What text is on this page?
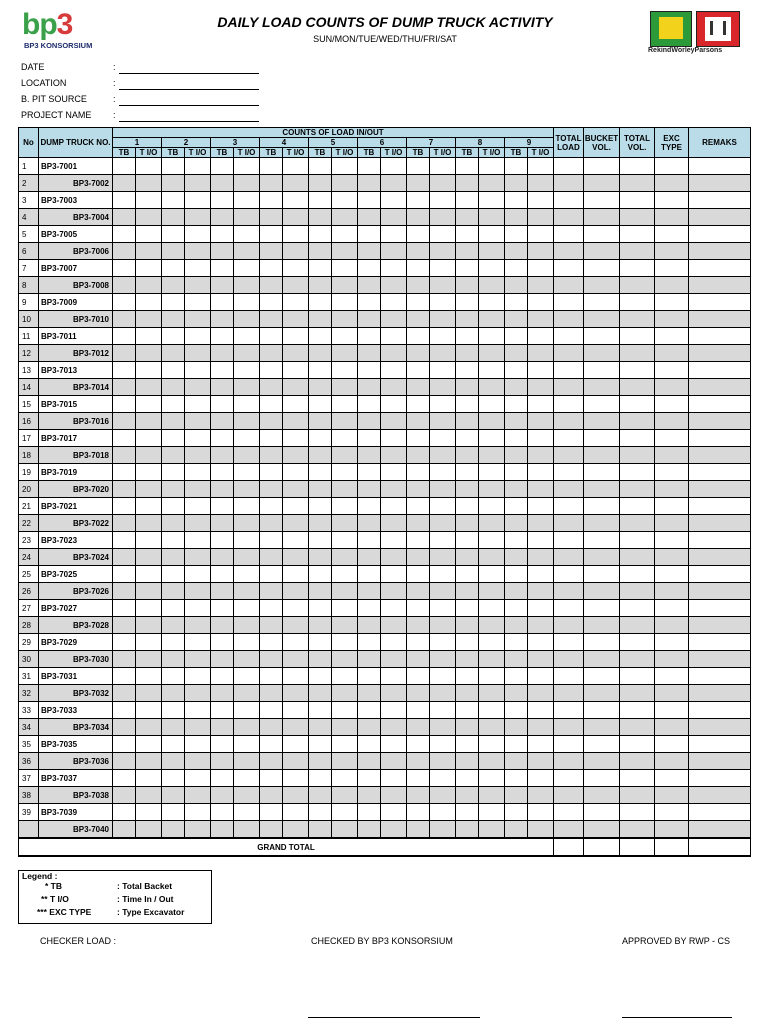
bp3
BP3 KONSORSIUM
DAILY LOAD COUNTS OF DUMP TRUCK ACTIVITY
SUN/MON/TUE/WED/THU/FRI/SAT
RekindWorleyParsons
DATE	:
LOCATION	:
B. PIT SOURCE	:
PROJECT NAME :
No	DUMP TRUCK NO.	COUNTS OF LOAD IN/OUT																		TOTAL LOAD	BUCKET VOL.	TOTAL VOL.	EXC TYPE	REMAKS
		1		2		3		4		5		6		7		8		9						
		TB	T I/O	TB	T I/O	TB	T I/O	TB	T I/O	TB	T I/O	TB	T I/O	TB	T I/O	TB	T I/O	TB	T I/O					
1	BP3-7001																							
2	BP3-7002																							
3	BP3-7003																							
4	BP3-7004																							
5	BP3-7005																							
6	BP3-7006																							
7	BP3-7007																							
8	BP3-7008																							
9	BP3-7009																							
10	BP3-7010																							
11	BP3-7011																							
12	BP3-7012																							
13	BP3-7013																							
14	BP3-7014																							
15	BP3-7015																							
16	BP3-7016																							
17	BP3-7017																							
18	BP3-7018																							
19	BP3-7019																							
20	BP3-7020																							
21	BP3-7021																							
22	BP3-7022																							
23	BP3-7023																							
24	BP3-7024																							
25	BP3-7025																							
26	BP3-7026																							
27	BP3-7027																							
28	BP3-7028																							
29	BP3-7029																							
30	BP3-7030																							
31	BP3-7031																							
32	BP3-7032																							
33	BP3-7033																							
34	BP3-7034																							
35	BP3-7035																							
36	BP3-7036																							
37	BP3-7037																							
38	BP3-7038																							
39	BP3-7039																							
	BP3-7040																							
GRAND TOTAL																								
Legend :
* TB	: Total Backet
** T I/O	: Time In / Out
*** EXC TYPE	: Type Excavator
CHECKER LOAD :	CHECKED BY BP3 KONSORSIUM	APPROVED BY RWP - CS
